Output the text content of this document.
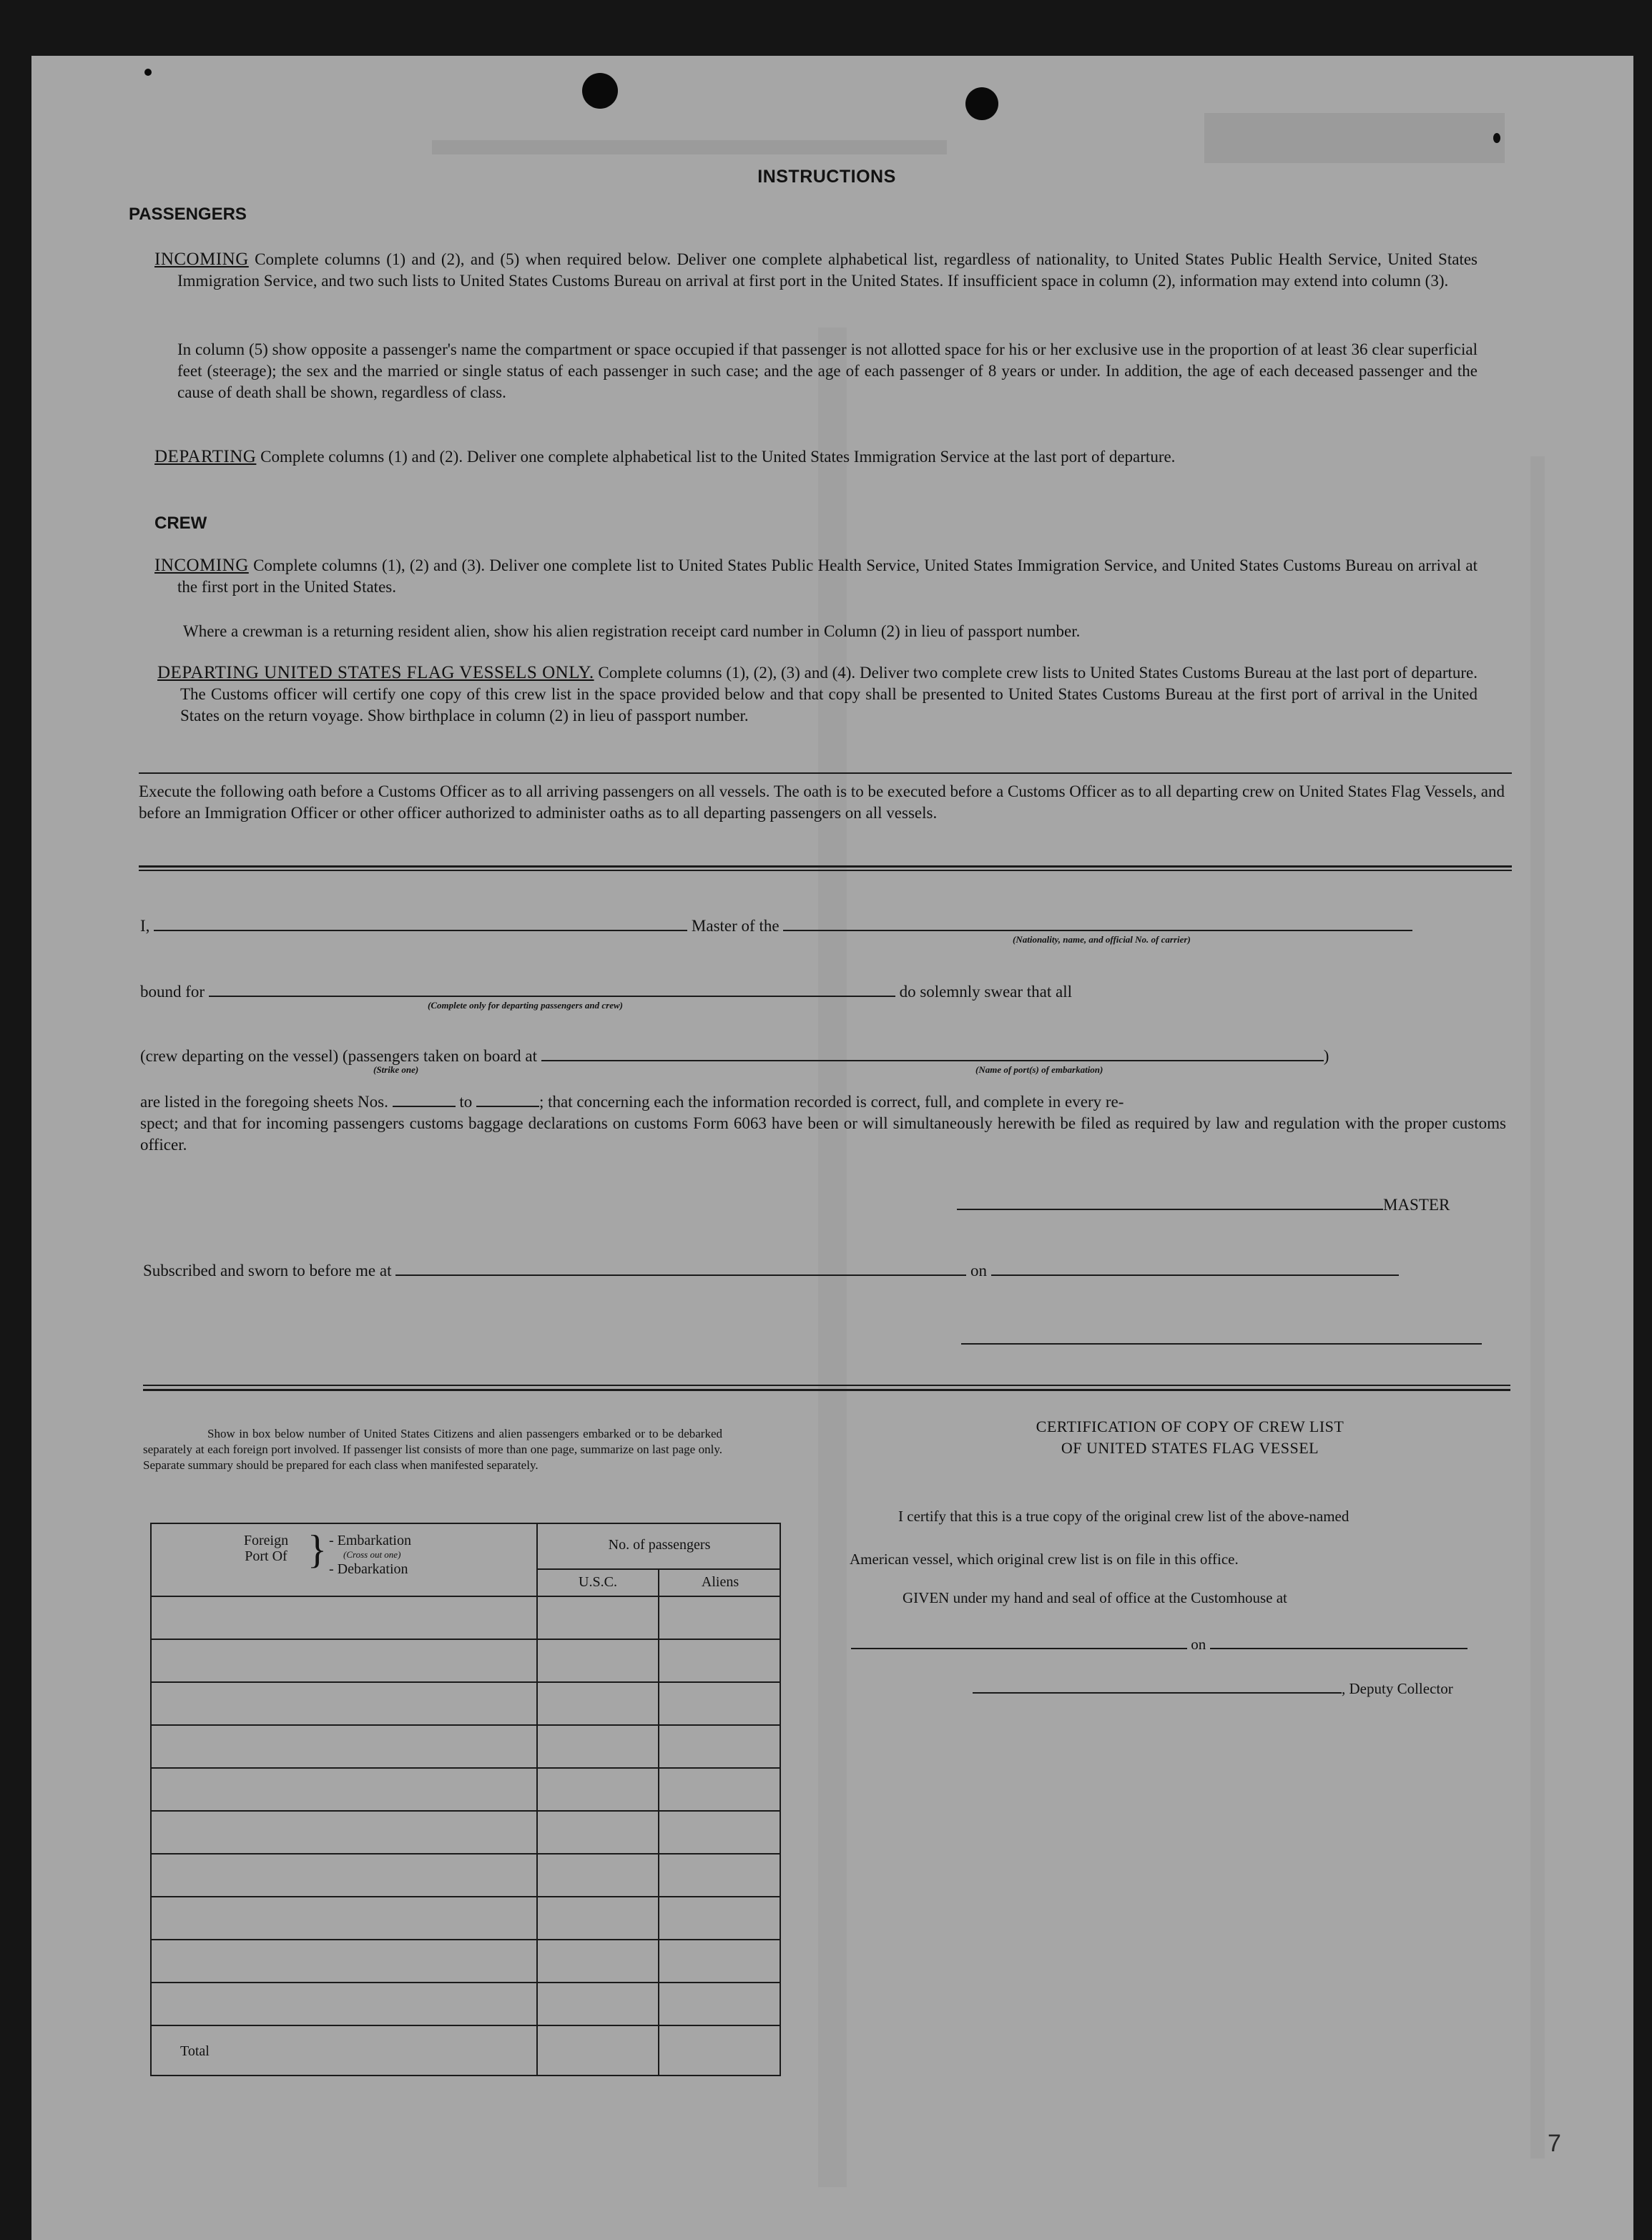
INSTRUCTIONS
PASSENGERS
INCOMING Complete columns (1) and (2), and (5) when required below. Deliver one complete alphabetical list, regardless of nationality, to United States Public Health Service, United States Immigration Service, and two such lists to United States Customs Bureau on arrival at first port in the United States. If insufficient space in column (2), information may extend into column (3).
In column (5) show opposite a passenger's name the compartment or space occupied if that passenger is not allotted space for his or her exclusive use in the proportion of at least 36 clear superficial feet (steerage); the sex and the married or single status of each passenger in such case; and the age of each passenger of 8 years or under. In addition, the age of each deceased passenger and the cause of death shall be shown, regardless of class.
DEPARTING Complete columns (1) and (2). Deliver one complete alphabetical list to the United States Immigration Service at the last port of departure.
CREW
INCOMING Complete columns (1), (2) and (3). Deliver one complete list to United States Public Health Service, United States Immigration Service, and United States Customs Bureau on arrival at the first port in the United States.
Where a crewman is a returning resident alien, show his alien registration receipt card number in Column (2) in lieu of passport number.
DEPARTING UNITED STATES FLAG VESSELS ONLY. Complete columns (1), (2), (3) and (4). Deliver two complete crew lists to United States Customs Bureau at the last port of departure. The Customs officer will certify one copy of this crew list in the space provided below and that copy shall be presented to United States Customs Bureau at the first port of arrival in the United States on the return voyage. Show birthplace in column (2) in lieu of passport number.
Execute the following oath before a Customs Officer as to all arriving passengers on all vessels. The oath is to be executed before a Customs Officer as to all departing crew on United States Flag Vessels, and before an Immigration Officer or other officer authorized to administer oaths as to all departing passengers on all vessels.
I,	Master of the
(Nationality, name, and official No. of carrier)
bound for	do solemnly swear that all
(Complete only for departing passengers and crew)
(crew departing on the vessel) (passengers taken on board at	)
(Strike one)	(Name of port(s) of embarkation)
are listed in the foregoing sheets Nos.	to	; that concerning each the information recorded is correct, full, and complete in every re-
spect; and that for incoming passengers customs baggage declarations on customs Form 6063 have been or will simultaneously herewith be filed as required by law and regulation with the proper customs officer.
MASTER
Subscribed and sworn to before me at	on
Show in box below number of United States Citizens and alien passengers embarked or to be debarked separately at each foreign port involved. If passenger list consists of more than one page, summarize on last page only. Separate summary should be prepared for each class when manifested separately.
Foreign Port Of } - Embarkation
(Cross out one)
- Debarkation
No. of passengers
U.S.C.	Aliens
Total
CERTIFICATION OF COPY OF CREW LIST
OF UNITED STATES FLAG VESSEL
I certify that this is a true copy of the original crew list of the above-named
American vessel, which original crew list is on file in this office.
GIVEN under my hand and seal of office at the Customhouse at
on
, Deputy Collector
7
